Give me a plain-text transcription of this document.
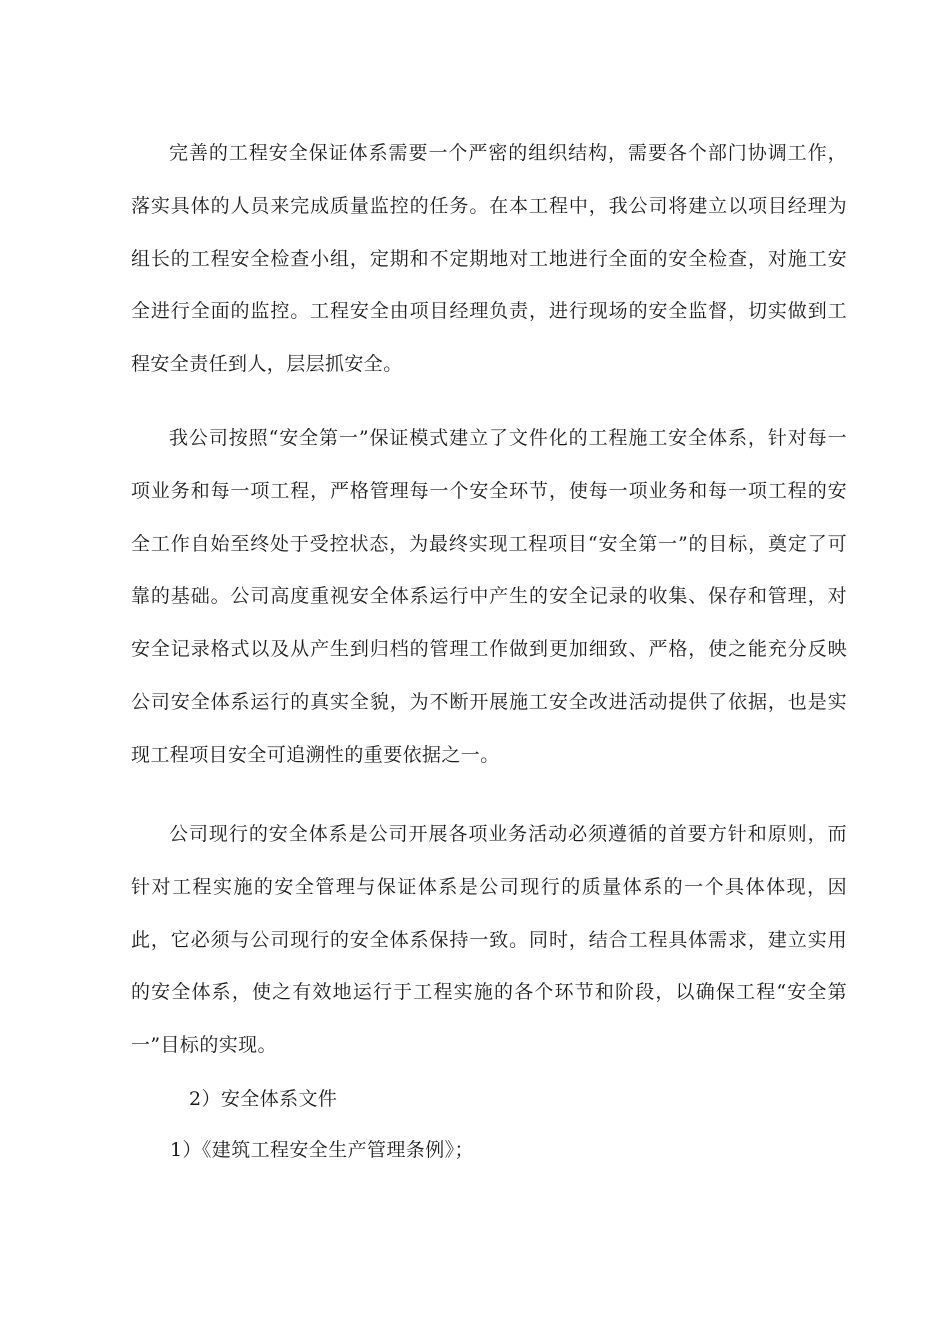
完善的工程安全保证体系需要一个严密的组织结构，需要各个部门协调工作，落实具体的人员来完成质量监控的任务。在本工程中，我公司将建立以项目经理为组长的工程安全检查小组，定期和不定期地对工地进行全面的安全检查，对施工安全进行全面的监控。工程安全由项目经理负责，进行现场的安全监督，切实做到工程安全责任到人，层层抓安全。

我公司按照“安全第一”保证模式建立了文件化的工程施工安全体系，针对每一项业务和每一项工程，严格管理每一个安全环节，使每一项业务和每一项工程的安全工作自始至终处于受控状态，为最终实现工程项目“安全第一”的目标，奠定了可靠的基础。公司高度重视安全体系运行中产生的安全记录的收集、保存和管理，对安全记录格式以及从产生到归档的管理工作做到更加细致、严格，使之能充分反映公司安全体系运行的真实全貌，为不断开展施工安全改进活动提供了依据，也是实现工程项目安全可追溯性的重要依据之一。

公司现行的安全体系是公司开展各项业务活动必须遵循的首要方针和原则，而针对工程实施的安全管理与保证体系是公司现行的质量体系的一个具体体现，因此，它必须与公司现行的安全体系保持一致。同时，结合工程具体需求，建立实用的安全体系，使之有效地运行于工程实施的各个环节和阶段，以确保工程“安全第一”目标的实现。

2）安全体系文件

1）《建筑工程安全生产管理条例》；
